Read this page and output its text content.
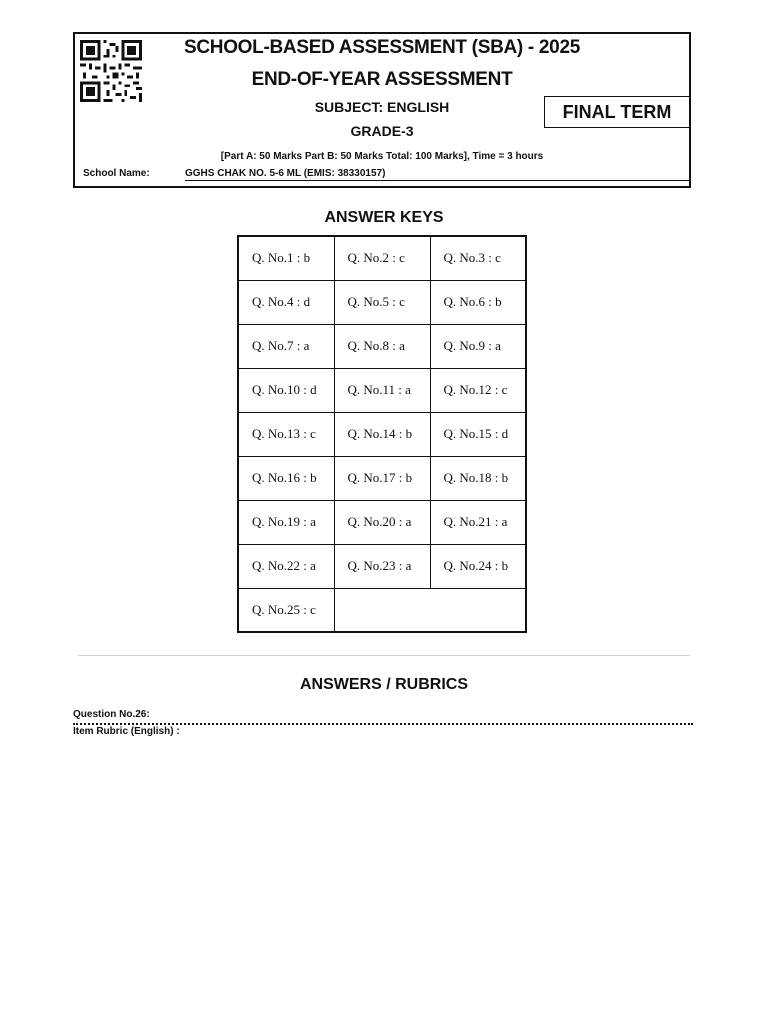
SCHOOL-BASED ASSESSMENT (SBA) - 2025
END-OF-YEAR ASSESSMENT
SUBJECT: ENGLISH
GRADE-3
FINAL TERM
[Part A: 50 Marks Part B: 50 Marks Total: 100 Marks], Time = 3 hours
School Name:	GGHS CHAK NO. 5-6 ML (EMIS: 38330157)
ANSWER KEYS
Q. No.1 : b	Q. No.2 : c	Q. No.3 : c
Q. No.4 : d	Q. No.5 : c	Q. No.6 : b
Q. No.7 : a	Q. No.8 : a	Q. No.9 : a
Q. No.10 : d	Q. No.11 : a	Q. No.12 : c
Q. No.13 : c	Q. No.14 : b	Q. No.15 : d
Q. No.16 : b	Q. No.17 : b	Q. No.18 : b
Q. No.19 : a	Q. No.20 : a	Q. No.21 : a
Q. No.22 : a	Q. No.23 : a	Q. No.24 : b
Q. No.25 : c		
ANSWERS / RUBRICS
Question No.26:
Item Rubric (English) :
